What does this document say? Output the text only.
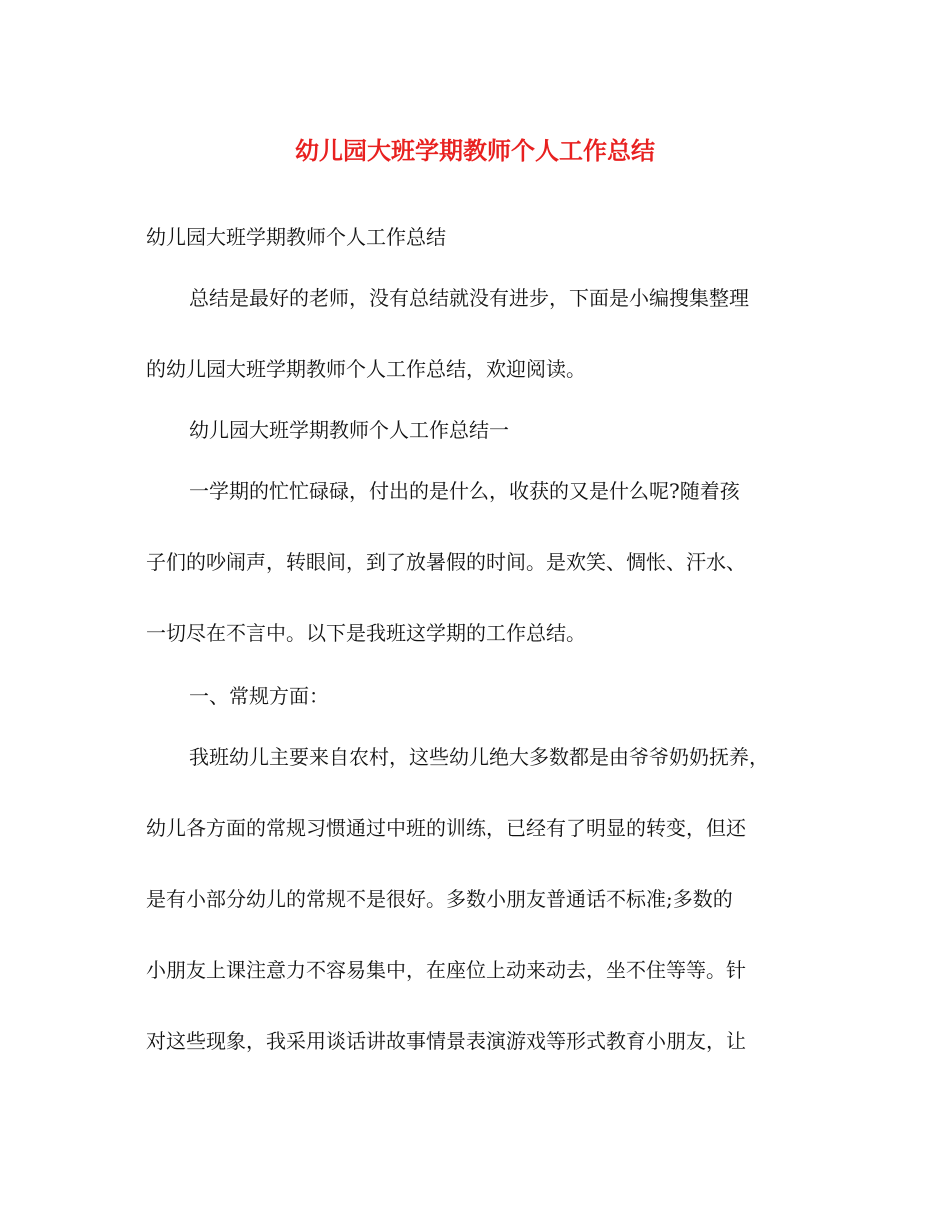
幼儿园大班学期教师个人工作总结
幼儿园大班学期教师个人工作总结
总结是最好的老师，没有总结就没有进步，下面是小编搜集整理
的幼儿园大班学期教师个人工作总结，欢迎阅读。
幼儿园大班学期教师个人工作总结一
一学期的忙忙碌碌，付出的是什么，收获的又是什么呢?随着孩
子们的吵闹声，转眼间，到了放暑假的时间。是欢笑、惆怅、汗水、
一切尽在不言中。以下是我班这学期的工作总结。
一、常规方面：
我班幼儿主要来自农村，这些幼儿绝大多数都是由爷爷奶奶抚养，
幼儿各方面的常规习惯通过中班的训练，已经有了明显的转变，但还
是有小部分幼儿的常规不是很好。多数小朋友普通话不标准;多数的
小朋友上课注意力不容易集中，在座位上动来动去，坐不住等等。针
对这些现象，我采用谈话讲故事情景表演游戏等形式教育小朋友，让
